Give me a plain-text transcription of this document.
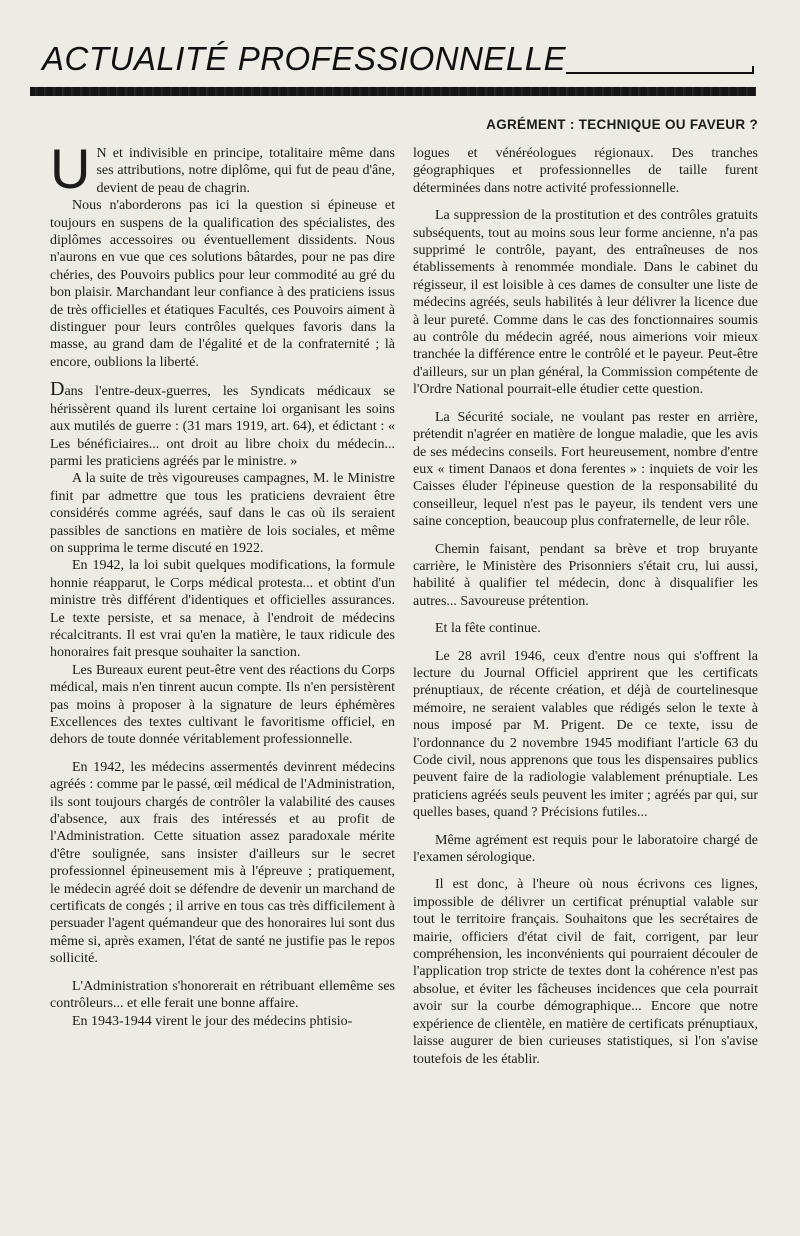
ACTUALITÉ PROFESSIONNELLE
AGRÉMENT : TECHNIQUE OU FAVEUR ?

U N et indivisible en principe, totalitaire même dans ses attributions, notre diplôme, qui fut de peau d'âne, devient de peau de chagrin.

Nous n'aborderons pas ici la question si épineuse et toujours en suspens de la qualification des spécialistes, des diplômes accessoires ou éventuellement dissidents. Nous n'aurons en vue que ces solutions bâtardes, pour ne pas dire chéries, des Pouvoirs publics pour leur commodité au gré du bon plaisir. Marchandant leur confiance à des praticiens issus de très officielles et étatiques Facultés, ces Pouvoirs aiment à distinguer pour leurs contrôles quelques favoris dans la masse, au grand dam de l'égalité et de la confraternité ; là encore, oublions la liberté.

Dans l'entre-deux-guerres, les Syndicats médicaux se hérissèrent quand ils lurent certaine loi organisant les soins aux mutilés de guerre : (31 mars 1919, art. 64), et édictant : « Les bénéficiaires... ont droit au libre choix du médecin... parmi les praticiens agréés par le ministre. »

A la suite de très vigoureuses campagnes, M. le Ministre finit par admettre que tous les praticiens devraient être considérés comme agréés, sauf dans le cas où ils seraient passibles de sanctions en matière de lois sociales, et même on supprima le terme discuté en 1922.

En 1942, la loi subit quelques modifications, la formule honnie réapparut, le Corps médical protesta... et obtint d'un ministre très différent d'identiques et officielles assurances. Le texte persiste, et sa menace, à l'endroit de médecins récalcitrants. Il est vrai qu'en la matière, le taux ridicule des honoraires fait presque souhaiter la sanction.

Les Bureaux eurent peut-être vent des réactions du Corps médical, mais n'en tinrent aucun compte. Ils n'en persistèrent pas moins à proposer à la signature de leurs éphémères Excellences des textes cultivant le favoritisme officiel, en dehors de toute donnée véritablement professionnelle.

En 1942, les médecins assermentés devinrent médecins agréés : comme par le passé, œil médical de l'Administration, ils sont toujours chargés de contrôler la valabilité des causes d'absence, aux frais des intéressés et au profit de l'Administration. Cette situation assez paradoxale mérite d'être soulignée, sans insister d'ailleurs sur le secret professionnel épineusement mis à l'épreuve ; pratiquement, le médecin agréé doit se défendre de devenir un marchand de certificats de congés ; il arrive en tous cas très difficilement à persuader l'agent quémandeur que des honoraires lui sont dus même si, après examen, l'état de santé ne justifie pas le repos sollicité.

L'Administration s'honorerait en rétribuant ellemême ses contrôleurs... et elle ferait une bonne affaire.

En 1943-1944 virent le jour des médecins phtisio-

logues et vénéréologues régionaux. Des tranches géographiques et professionnelles de taille furent déterminées dans notre activité professionnelle.

La suppression de la prostitution et des contrôles gratuits subséquents, tout au moins sous leur forme ancienne, n'a pas supprimé le contrôle, payant, des entraîneuses de nos établissements à renommée mondiale. Dans le cabinet du régisseur, il est loisible à ces dames de consulter une liste de médecins agréés, seuls habilités à leur délivrer la licence due à leur pureté. Comme dans le cas des fonctionnaires soumis au contrôle du médecin agréé, nous aimerions voir mieux tranchée la différence entre le contrôlé et le payeur. Peut-être d'ailleurs, sur un plan général, la Commission compétente de l'Ordre National pourrait-elle étudier cette question.

La Sécurité sociale, ne voulant pas rester en arrière, prétendit n'agréer en matière de longue maladie, que les avis de ses médecins conseils. Fort heureusement, nombre d'entre eux « timent Danaos et dona ferentes » : inquiets de voir les Caisses éluder l'épineuse question de la responsabilité du conseilleur, lequel n'est pas le payeur, ils tendent vers une saine conception, beaucoup plus confraternelle, de leur rôle.

Chemin faisant, pendant sa brève et trop bruyante carrière, le Ministère des Prisonniers s'était cru, lui aussi, habilité à qualifier tel médecin, donc à disqualifier les autres... Savoureuse prétention.

Et la fête continue.

Le 28 avril 1946, ceux d'entre nous qui s'offrent la lecture du Journal Officiel apprirent que les certificats prénuptiaux, de récente création, et déjà de courtelinesque mémoire, ne seraient valables que rédigés selon le texte à nous imposé par M. Prigent. De ce texte, issu de l'ordonnance du 2 novembre 1945 modifiant l'article 63 du Code civil, nous apprenons que tous les dispensaires publics peuvent faire de la radiologie valablement prénuptiale. Les praticiens agréés seuls peuvent les imiter ; agréés par qui, sur quelles bases, quand ? Précisions futiles...

Même agrément est requis pour le laboratoire chargé de l'examen sérologique.

Il est donc, à l'heure où nous écrivons ces lignes, impossible de délivrer un certificat prénuptial valable sur tout le territoire français. Souhaitons que les secrétaires de mairie, officiers d'état civil de fait, corrigent, par leur compréhension, les inconvénients qui pourraient découler de l'application trop stricte de textes dont la cohérence n'est pas absolue, et éviter les fâcheuses incidences que cela pourrait avoir sur la courbe démographique... Encore que notre expérience de clientèle, en matière de certificats prénuptiaux, laisse augurer de bien curieuses statistiques, si l'on s'avise toutefois de les établir.
